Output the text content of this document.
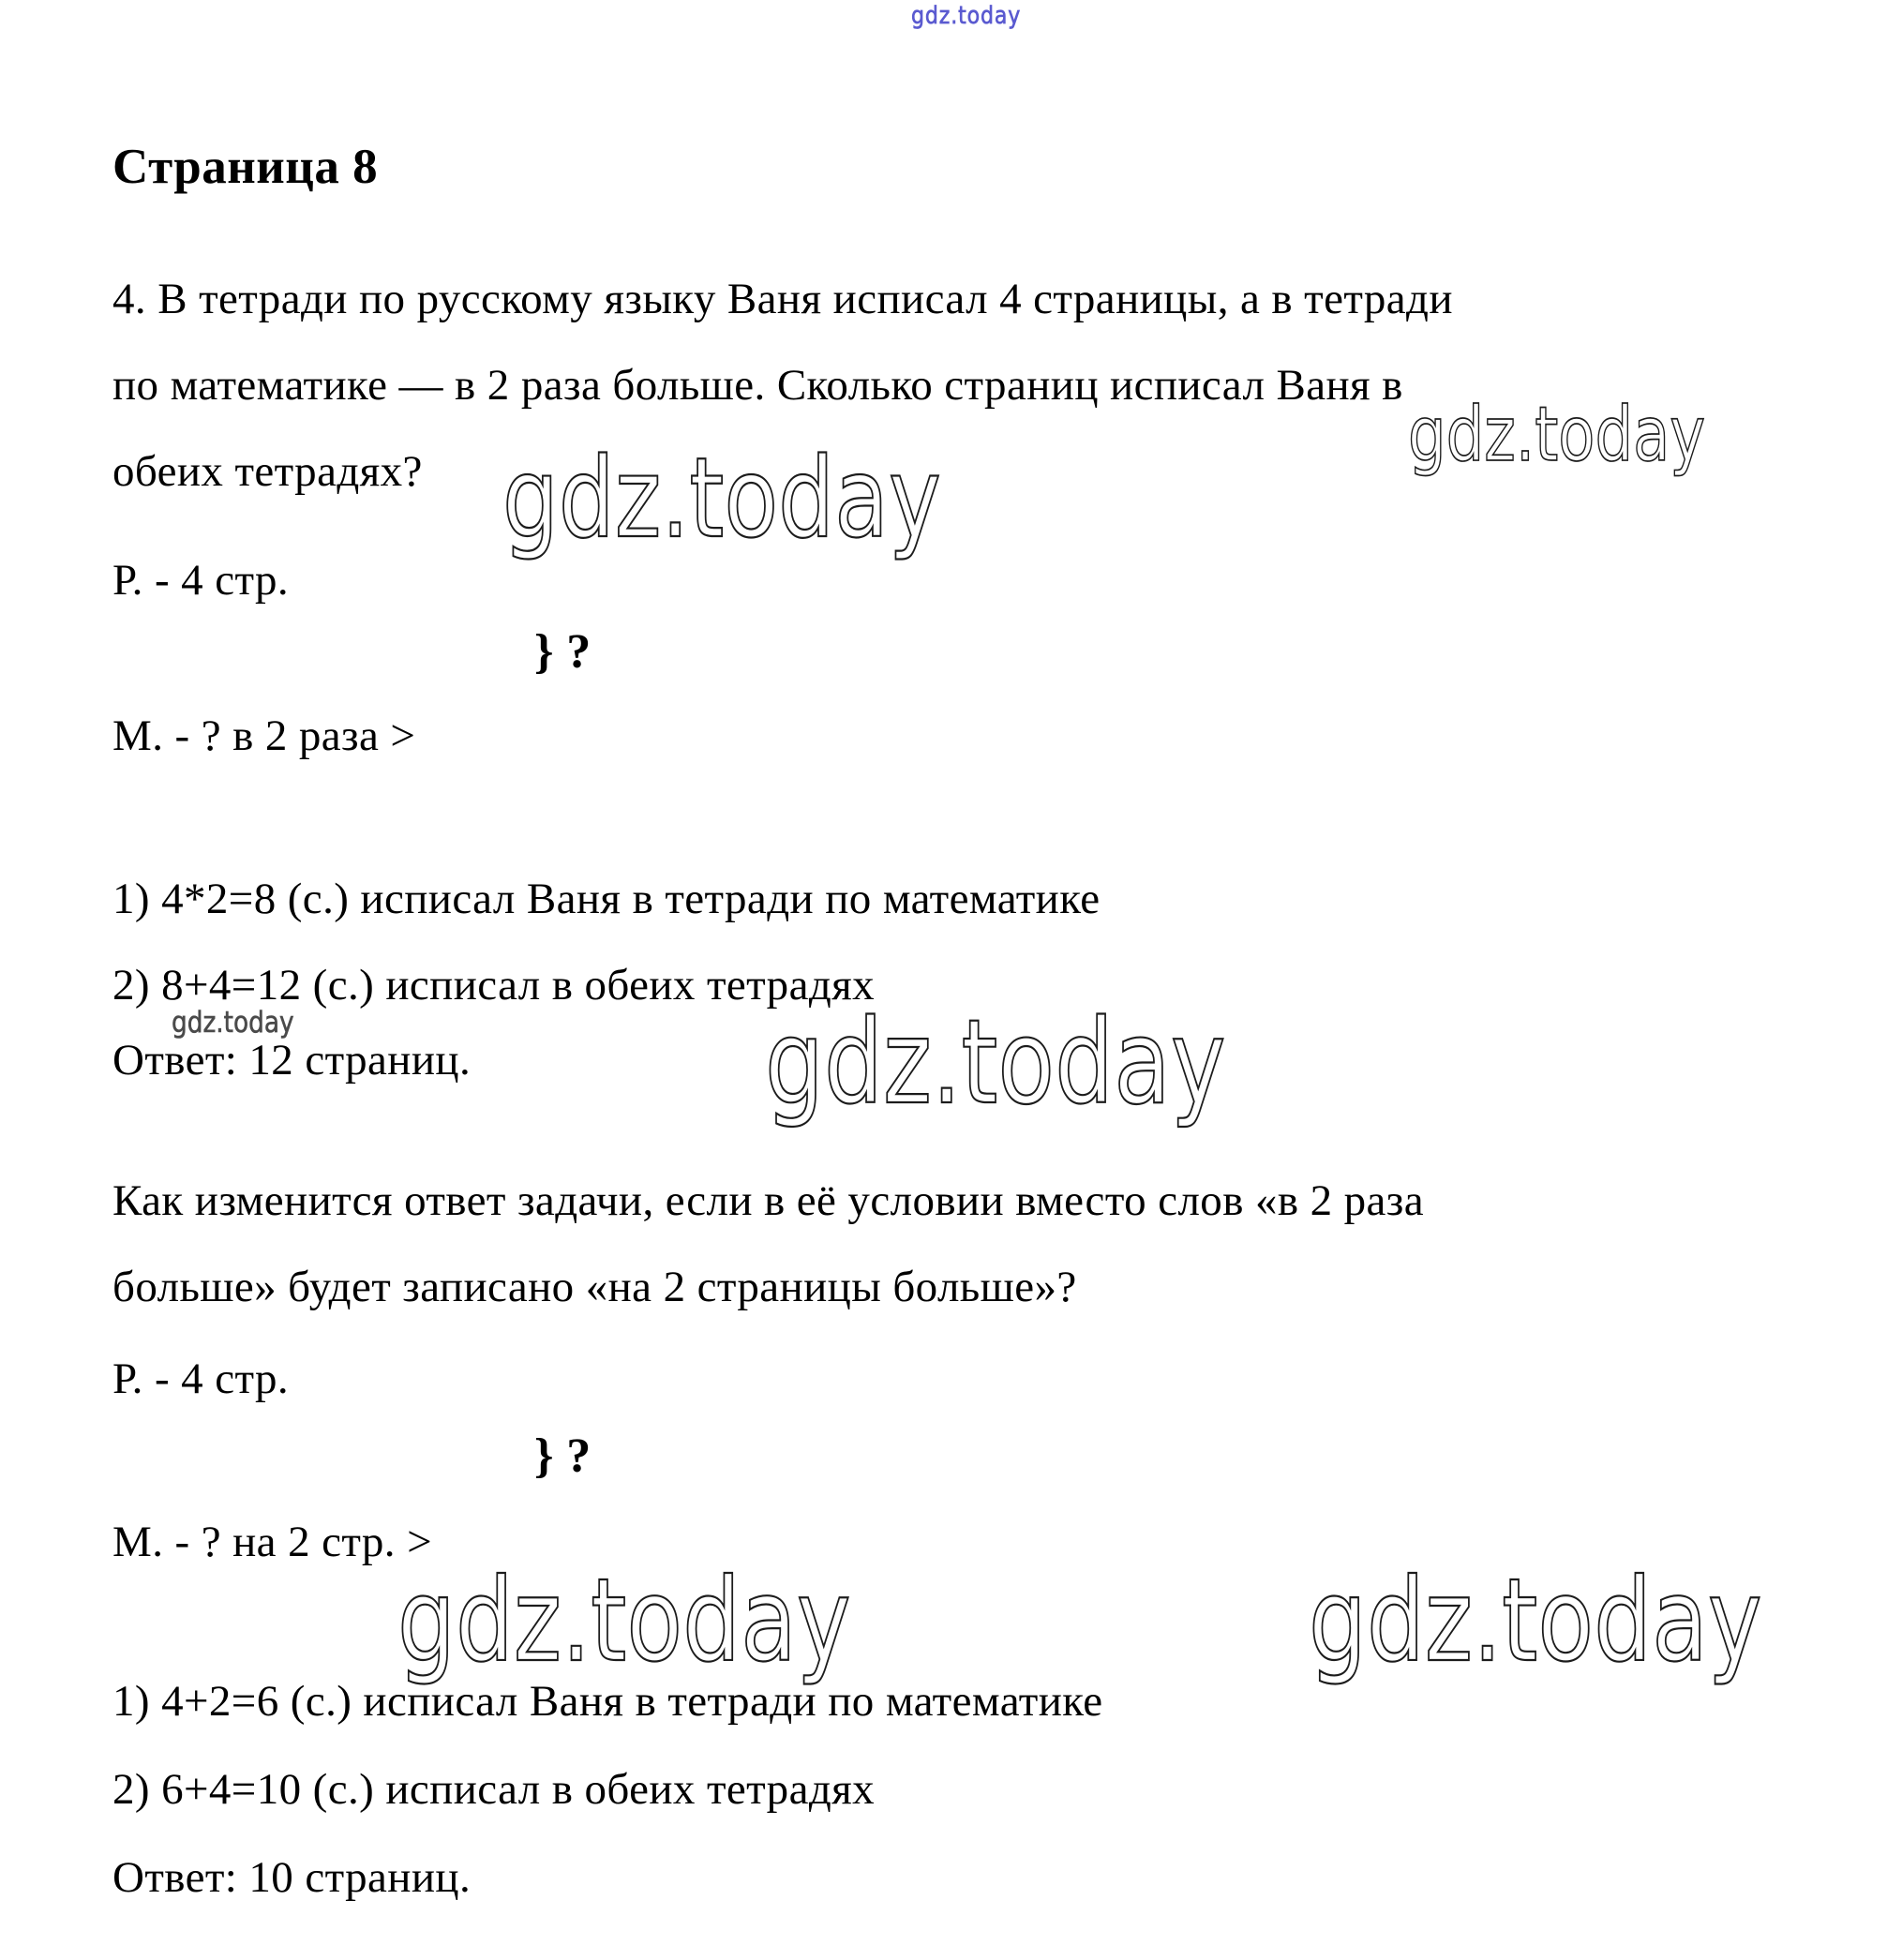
gdz.today
gdz.today
gdz.today
gdz.today	gdz.today
gdz.today	gdz.today
Страница 8
4. В тетради по русскому языку Ваня исписал 4 страницы, а в тетради
по математике — в 2 раза больше. Сколько страниц исписал Ваня в
обеих тетрадях?
Р. - 4 стр.
} ?
М. - ? в 2 раза >
1) 4*2=8 (с.) исписал Ваня в тетради по математике
2) 8+4=12 (с.) исписал в обеих тетрадях
Ответ: 12 страниц.
Как изменится ответ задачи, если в её условии вместо слов «в 2 раза
больше» будет записано «на 2 страницы больше»?
Р. - 4 стр.
} ?
М. - ? на 2 стр. >
1) 4+2=6 (с.) исписал Ваня в тетради по математике
2) 6+4=10 (с.) исписал в обеих тетрадях
Ответ: 10 страниц.
